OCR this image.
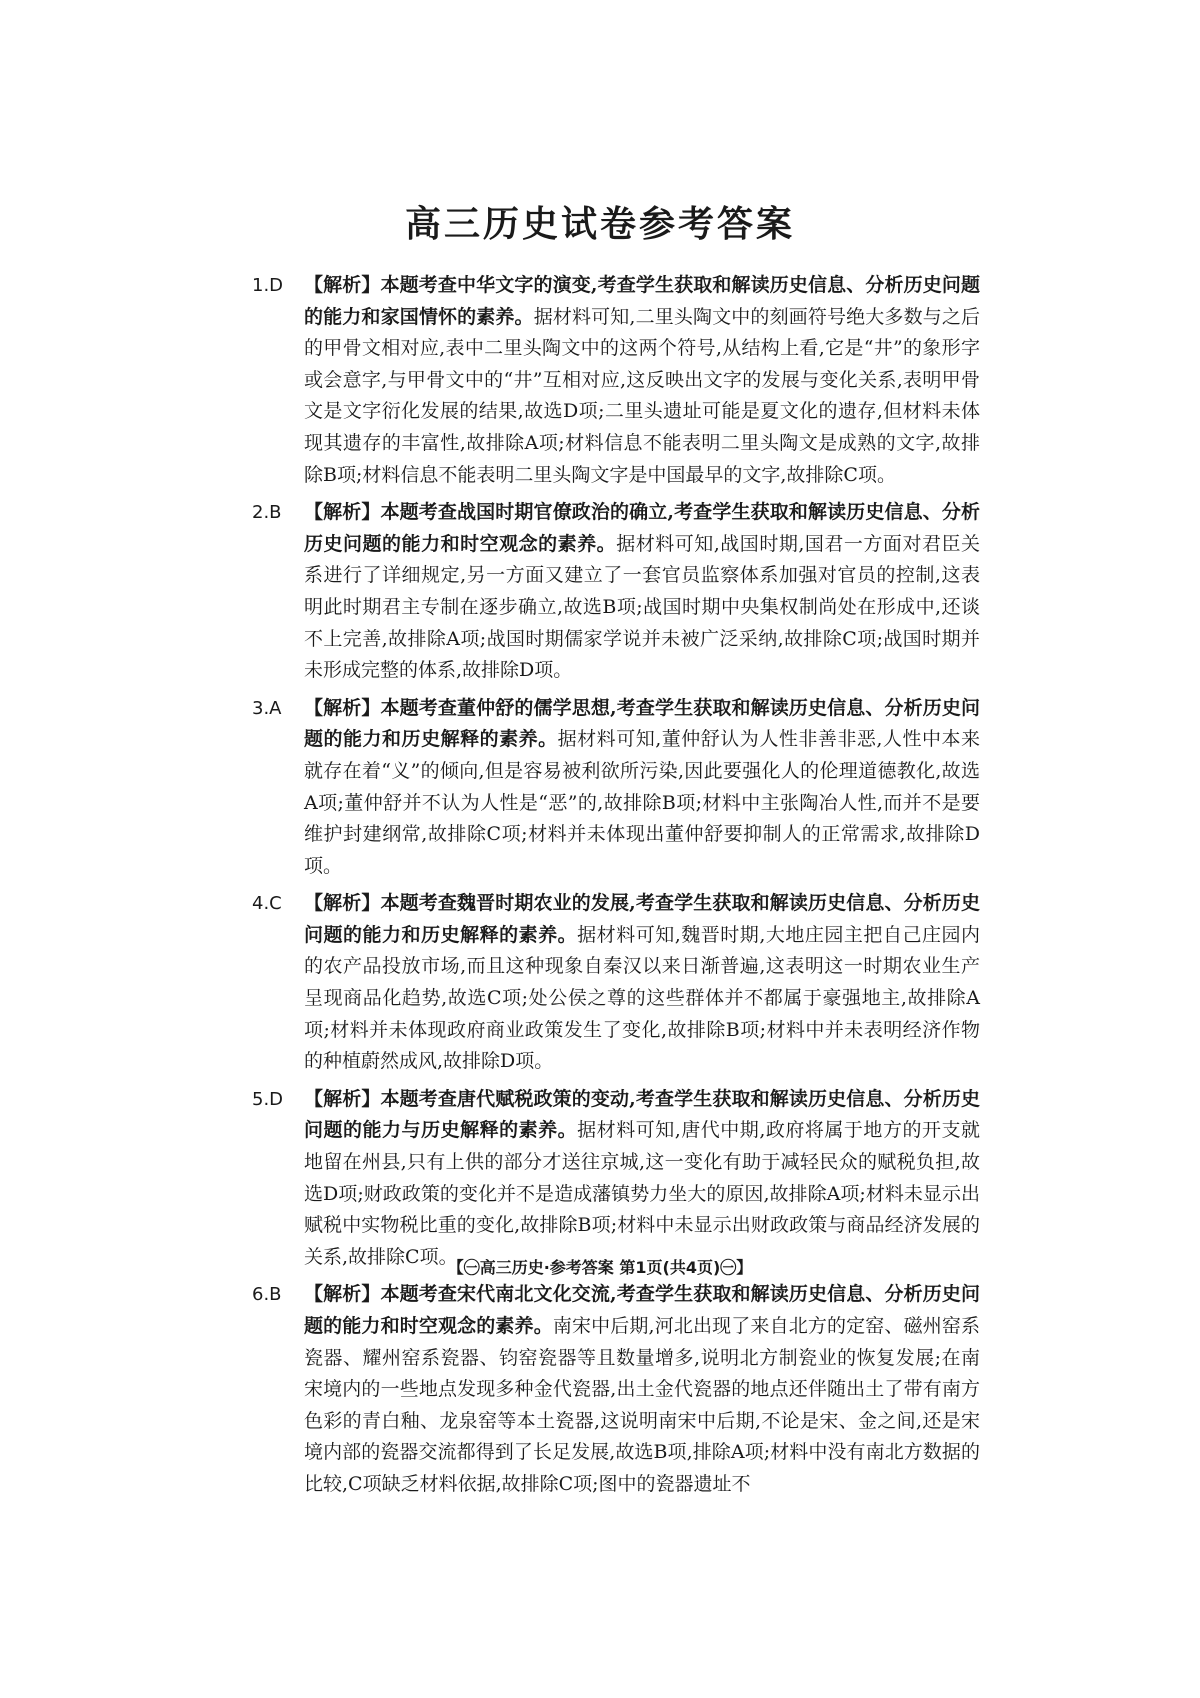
高三历史试卷参考答案

1.D 【解析】本题考查中华文字的演变,考查学生获取和解读历史信息、分析历史问题的能力和家国情怀的素养。据材料可知,二里头陶文中的刻画符号绝大多数与之后的甲骨文相对应,表中二里头陶文中的这两个符号,从结构上看,它是“井”的象形字或会意字,与甲骨文中的“井”互相对应,这反映出文字的发展与变化关系,表明甲骨文是文字衍化发展的结果,故选D项;二里头遗址可能是夏文化的遗存,但材料未体现其遗存的丰富性,故排除A项;材料信息不能表明二里头陶文是成熟的文字,故排除B项;材料信息不能表明二里头陶文字是中国最早的文字,故排除C项。

2.B 【解析】本题考查战国时期官僚政治的确立,考查学生获取和解读历史信息、分析历史问题的能力和时空观念的素养。据材料可知,战国时期,国君一方面对君臣关系进行了详细规定,另一方面又建立了一套官员监察体系加强对官员的控制,这表明此时期君主专制在逐步确立,故选B项;战国时期中央集权制尚处在形成中,还谈不上完善,故排除A项;战国时期儒家学说并未被广泛采纳,故排除C项;战国时期并未形成完整的体系,故排除D项。

3.A 【解析】本题考查董仲舒的儒学思想,考查学生获取和解读历史信息、分析历史问题的能力和历史解释的素养。据材料可知,董仲舒认为人性非善非恶,人性中本来就存在着“义”的倾向,但是容易被利欲所污染,因此要强化人的伦理道德教化,故选A项;董仲舒并不认为人性是“恶”的,故排除B项;材料中主张陶冶人性,而并不是要维护封建纲常,故排除C项;材料并未体现出董仲舒要抑制人的正常需求,故排除D项。

4.C 【解析】本题考查魏晋时期农业的发展,考查学生获取和解读历史信息、分析历史问题的能力和历史解释的素养。据材料可知,魏晋时期,大地庄园主把自己庄园内的农产品投放市场,而且这种现象自秦汉以来日渐普遍,这表明这一时期农业生产呈现商品化趋势,故选C项;处公侯之尊的这些群体并不都属于豪强地主,故排除A项;材料并未体现政府商业政策发生了变化,故排除B项;材料中并未表明经济作物的种植蔚然成风,故排除D项。

5.D 【解析】本题考查唐代赋税政策的变动,考查学生获取和解读历史信息、分析历史问题的能力与历史解释的素养。据材料可知,唐代中期,政府将属于地方的开支就地留在州县,只有上供的部分才送往京城,这一变化有助于减轻民众的赋税负担,故选D项;财政政策的变化并不是造成藩镇势力坐大的原因,故排除A项;材料未显示出赋税中实物税比重的变化,故排除B项;材料中未显示出财政政策与商品经济发展的关系,故排除C项。

6.B 【解析】本题考查宋代南北文化交流,考查学生获取和解读历史信息、分析历史问题的能力和时空观念的素养。南宋中后期,河北出现了来自北方的定窑、磁州窑系瓷器、耀州窑系瓷器、钧窑瓷器等且数量增多,说明北方制瓷业的恢复发展;在南宋境内的一些地点发现多种金代瓷器,出土金代瓷器的地点还伴随出土了带有南方色彩的青白釉、龙泉窑等本土瓷器,这说明南宋中后期,不论是宋、金之间,还是宋境内部的瓷器交流都得到了长足发展,故选B项,排除A项;材料中没有南北方数据的比较,C项缺乏材料依据,故排除C项;图中的瓷器遗址不

【㊀高三历史·参考答案 第1页(共4页)㊀】
